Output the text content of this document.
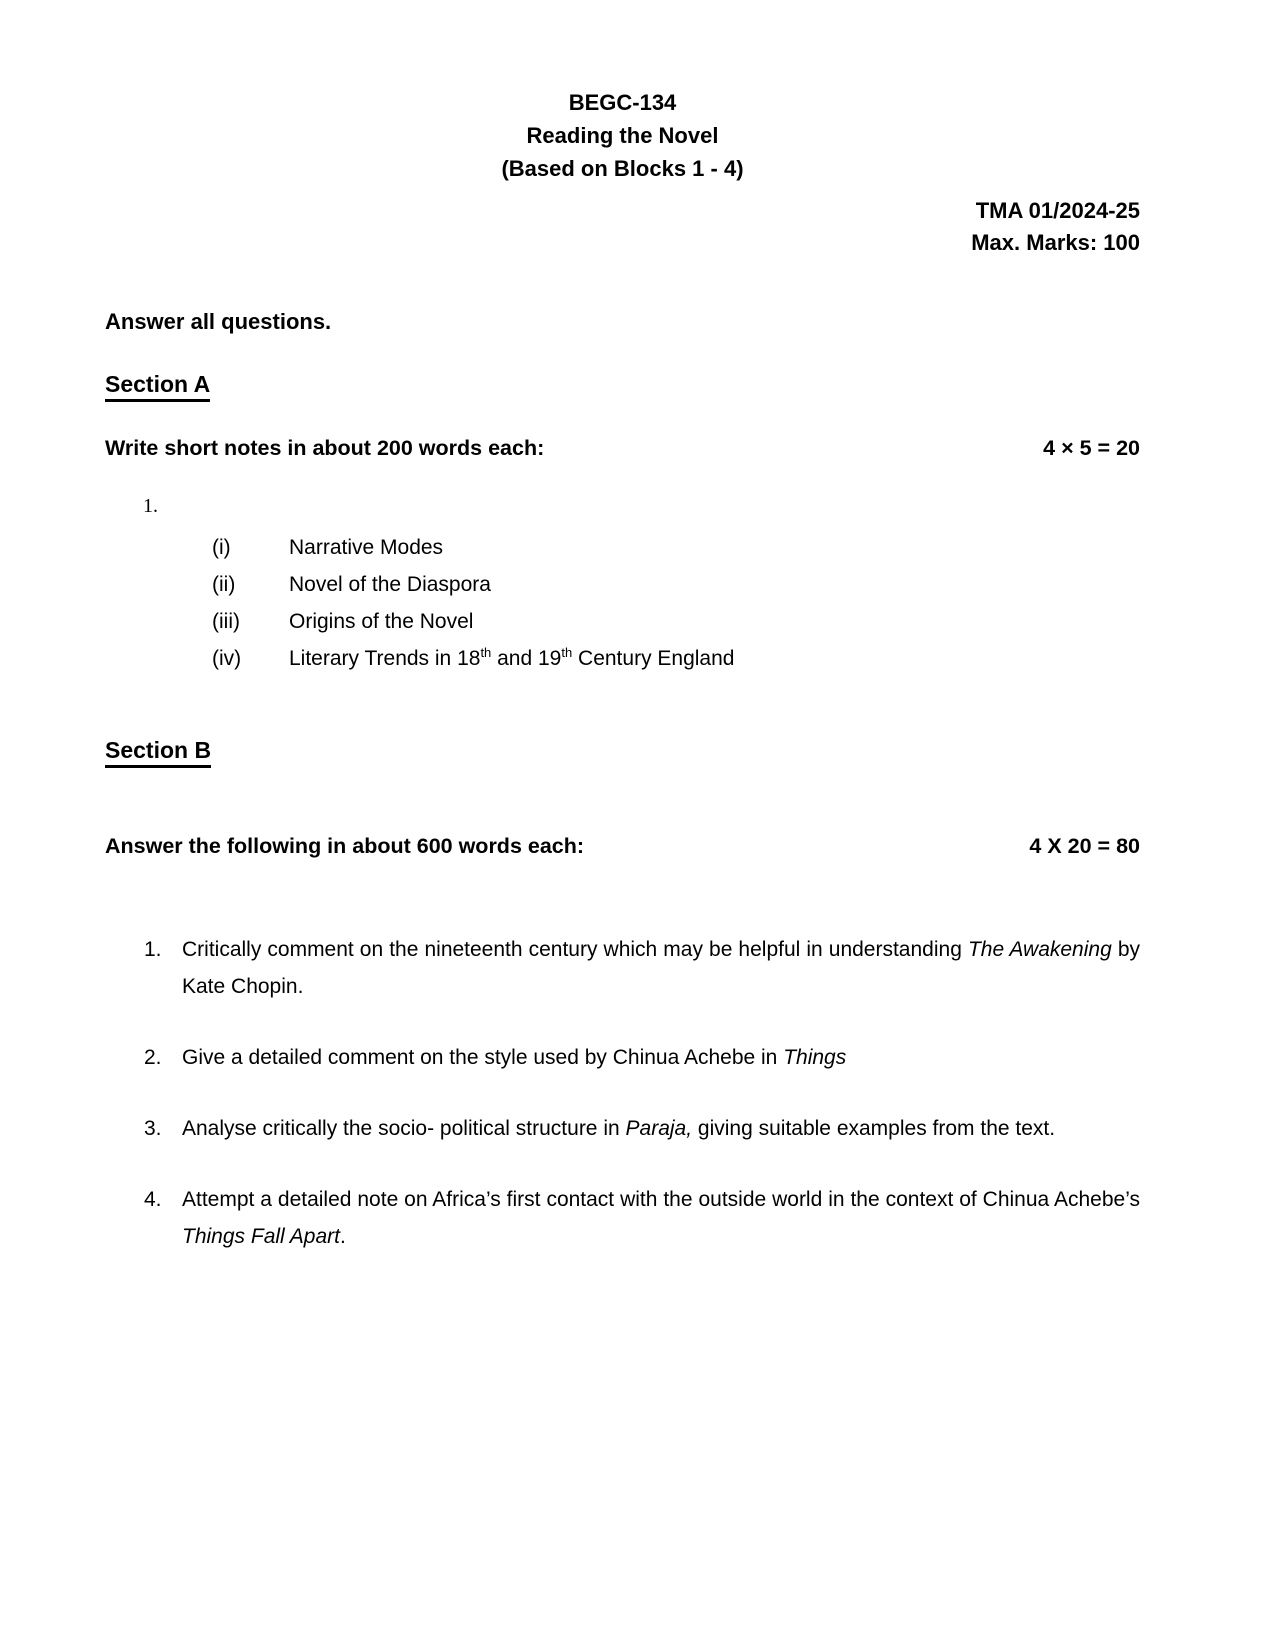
BEGC-134
Reading the Novel
(Based on Blocks 1 - 4)
TMA 01/2024-25
Max. Marks: 100

Answer all questions.

Section A
Write short notes in about 200 words each:	4 × 5 = 20
1.
(i)	Narrative Modes
(ii)	Novel of the Diaspora
(iii)	Origins of the Novel
(iv)	Literary Trends in 18th and 19th Century England
Section B
Answer the following in about 600 words each:	4 X 20 = 80
1. Critically comment on the nineteenth century which may be helpful in understanding The Awakening by Kate Chopin.
2. Give a detailed comment on the style used by Chinua Achebe in Things
3. Analyse critically the socio- political structure in Paraja, giving suitable examples from the text.
4. Attempt a detailed note on Africa’s first contact with the outside world in the context of Chinua Achebe’s Things Fall Apart.
